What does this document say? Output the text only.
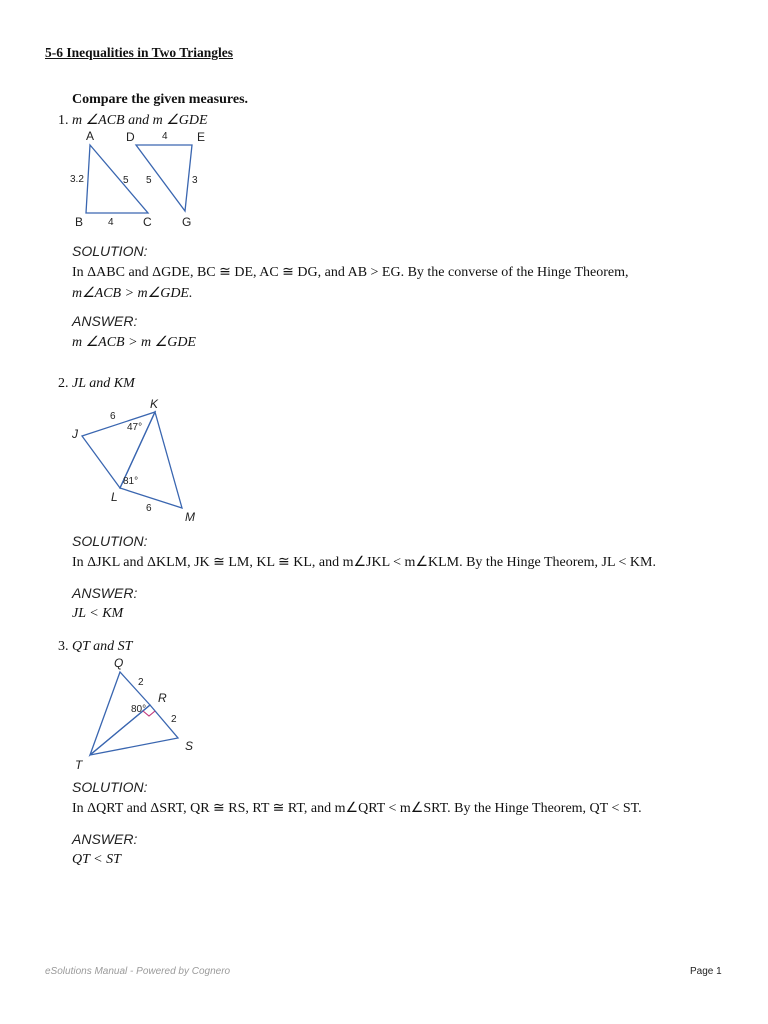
5-6 Inequalities in Two Triangles
Compare the given measures.
1. m ∠ACB and m ∠GDE
A
B	C
D	E
G
3.2
4
5 5
4
3
SOLUTION:
In ΔABC and ΔGDE, BC ≅ DE, AC ≅ DG, and AB > EG. By the converse of the Hinge Theorem,
m∠ACB > m∠GDE.
ANSWER:
m ∠ACB > m ∠GDE
2. JL and KM
J
K
L
M
6
6
47°
81°
SOLUTION:
In ΔJKL and ΔKLM, JK ≅ LM, KL ≅ KL, and m∠JKL < m∠KLM. By the Hinge Theorem, JL < KM.
ANSWER:
JL < KM
3. QT and ST
Q
R
S
T
2
2
80°
SOLUTION:
In ΔQRT and ΔSRT, QR ≅ RS, RT ≅ RT, and m∠QRT < m∠SRT. By the Hinge Theorem, QT < ST.
ANSWER:
QT < ST
eSolutions Manual - Powered by Cognero	Page 1
